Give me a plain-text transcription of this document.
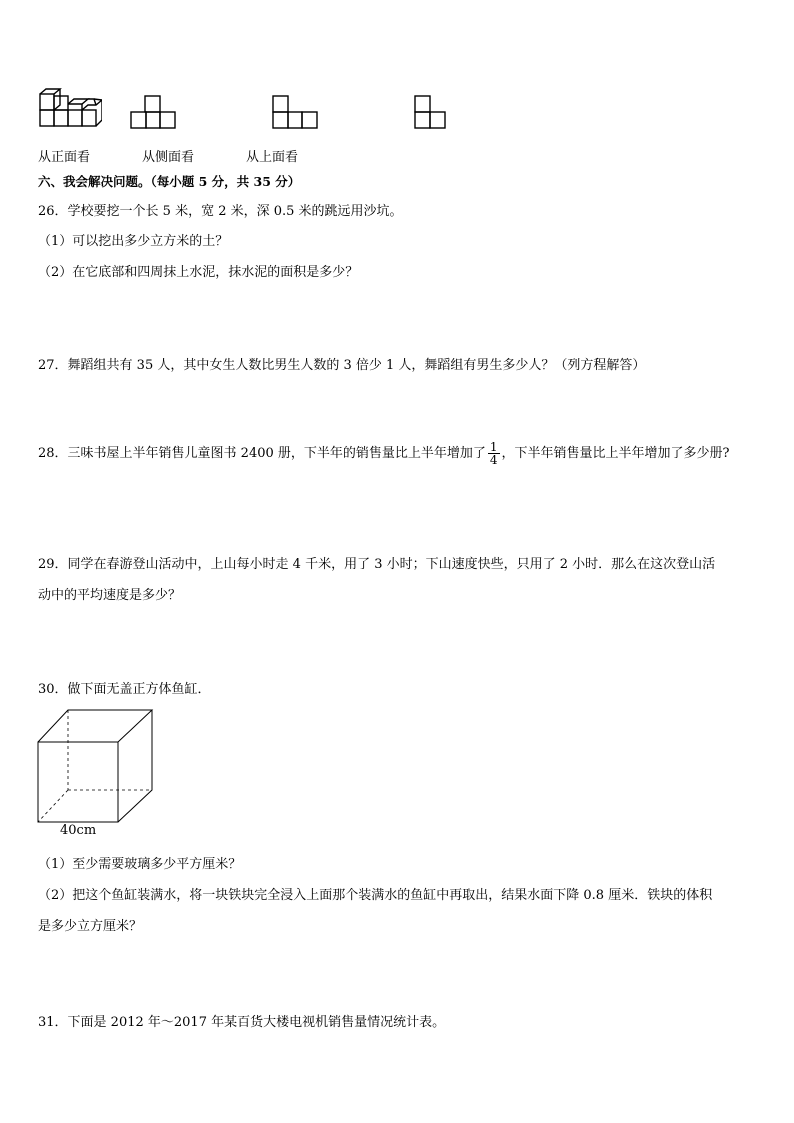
从正面看	从侧面看	从上面看
六、我会解决问题。（每小题 5 分，共 35 分）
26．学校要挖一个长 5 米，宽 2 米，深 0.5 米的跳远用沙坑。
（1）可以挖出多少立方米的土？
（2）在它底部和四周抹上水泥，抹水泥的面积是多少？
27．舞蹈组共有 35 人，其中女生人数比男生人数的 3 倍少 1 人，舞蹈组有男生多少人？（列方程解答）
28．三味书屋上半年销售儿童图书 2400 册，下半年的销售量比上半年增加了 $\frac{1}{4}$ ，下半年销售量比上半年增加了多少册?
29．同学在春游登山活动中，上山每小时走 4 千米，用了 3 小时；下山速度快些，只用了 2 小时．那么在这次登山活
动中的平均速度是多少？
30．做下面无盖正方体鱼缸．
40cm
（1）至少需要玻璃多少平方厘米？
（2）把这个鱼缸装满水，将一块铁块完全浸入上面那个装满水的鱼缸中再取出，结果水面下降 0.8 厘米．铁块的体积
是多少立方厘米？
31．下面是 2012 年～2017 年某百货大楼电视机销售量情况统计表。
